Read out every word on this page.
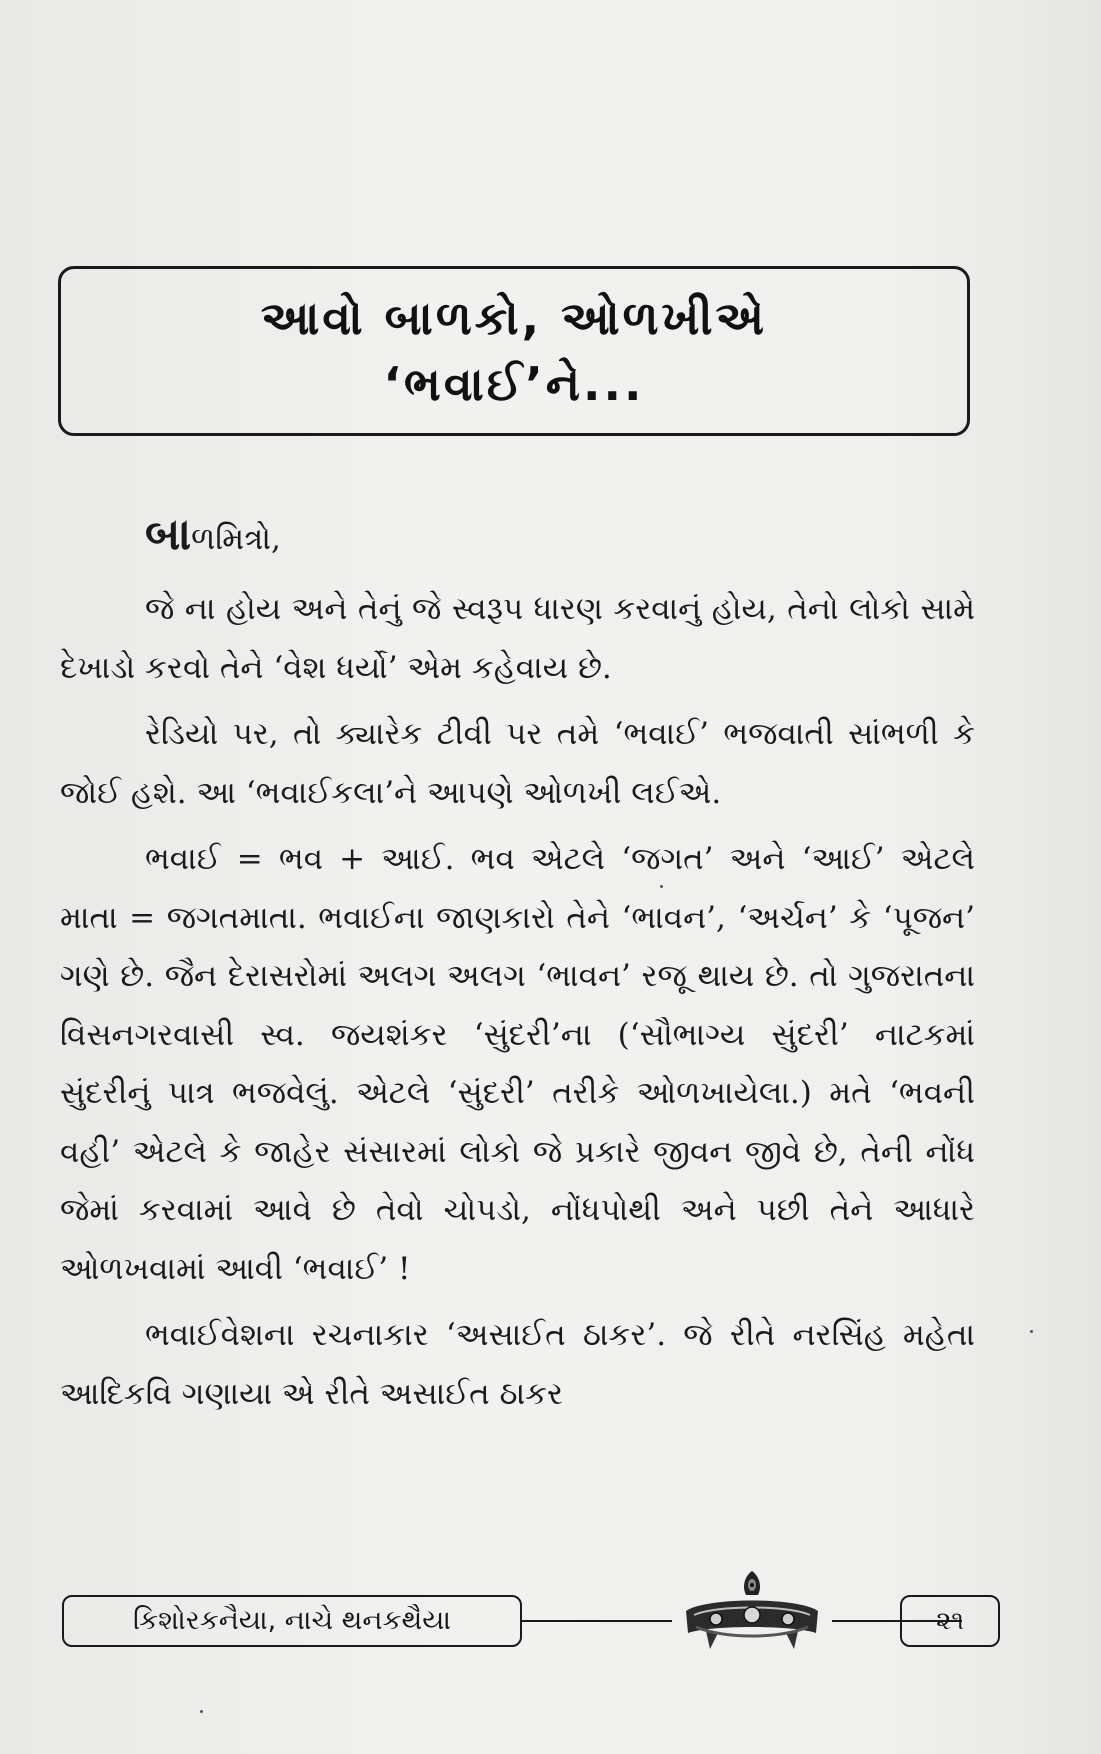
આવો બાળકો, ઓળખીએ
‘ભવાઈ’ને...
બાળમિત્રો,

જે ના હોય અને તેનું જે સ્વરૂપ ધારણ કરવાનું હોય, તેનો લોકો સામે દેખાડો કરવો તેને ‘વેશ ધર્યો’ એમ કહેવાય છે.

રેડિયો પર, તો ક્યારેક ટીવી પર તમે ‘ભવાઈ’ ભજવાતી સાંભળી કે જોઈ હશે. આ ‘ભવાઈકલા’ને આપણે ઓળખી લઈએ.

ભવાઈ = ભવ + આઈ. ભવ એટલે ‘જગત’ અને ‘આઈ’ એટલે માતા = જગતમાતા. ભવાઈના જાણકારો તેને ‘ભાવન’, ‘અર્ચન’ કે ‘પૂજન’ ગણે છે. જૈન દેરાસરોમાં અલગ અલગ ‘ભાવન’ રજૂ થાય છે. તો ગુજરાતના વિસનગરવાસી સ્વ. જયશંકર ‘સુંદરી’ના (‘સૌભાગ્ય સુંદરી’ નાટકમાં સુંદરીનું પાત્ર ભજવેલું. એટલે ‘સુંદરી’ તરીકે ઓળખાયેલા.) મતે ‘ભવની વહી’ એટલે કે જાહેર સંસારમાં લોકો જે પ્રકારે જીવન જીવે છે, તેની નોંધ જેમાં કરવામાં આવે છે તેવો ચોપડો, નોંધપોથી અને પછી તેને આધારે ઓળખવામાં આવી ‘ભવાઈ’ !

ભવાઈવેશના રચનાકાર ‘અસાઈત ઠાકર’. જે રીતે નરસિંહ મહેતા આદિકવિ ગણાયા એ રીતે અસાઈત ઠાકર

કિશોરકનૈયા, નાચે થનકથૈયા	૨૧
